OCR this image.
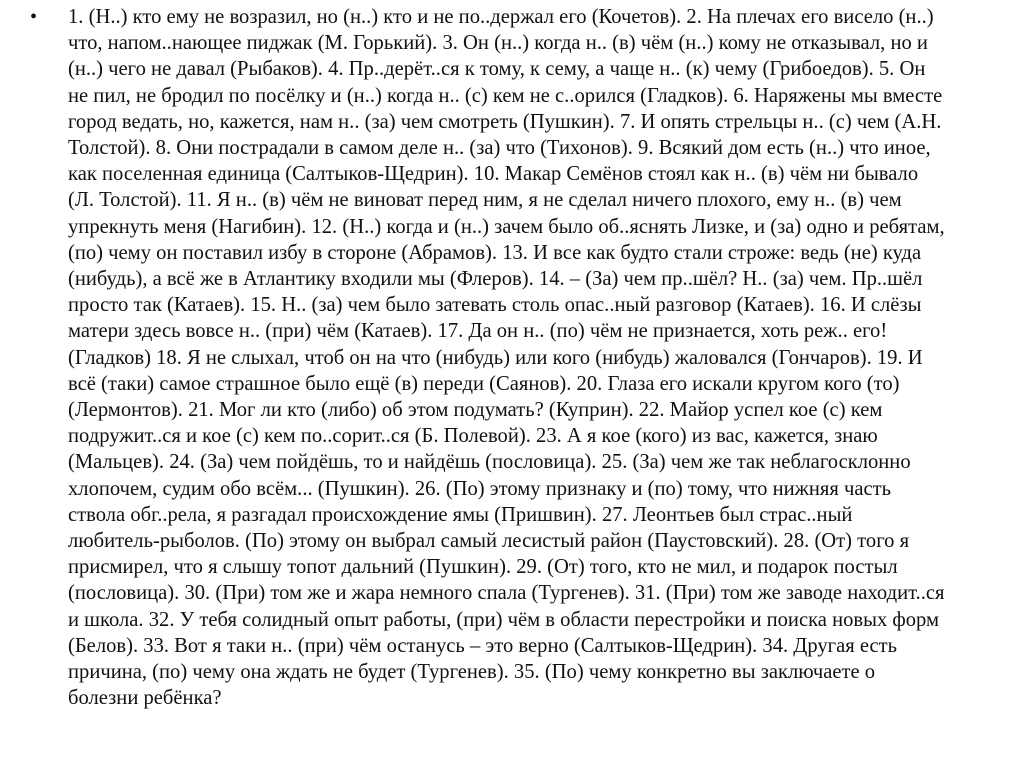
•	1. (Н..) кто ему не возразил, но (н..) кто и не по..держал его (Кочетов). 2. На плечах его висело (н..)
что, напом..нающее пиджак (М. Горький). 3. Он (н..) когда н.. (в) чём (н..) кому не отказывал, но и
(н..) чего не давал (Рыбаков). 4. Пр..дерёт..ся к тому, к сему, а чаще н.. (к) чему (Грибоедов). 5. Он
не пил, не бродил по посёлку и (н..) когда н.. (с) кем не с..орился (Гладков). 6. Наряжены мы вместе
город ведать, но, кажется, нам н.. (за) чем смотреть (Пушкин). 7. И опять стрельцы н.. (с) чем (А.Н.
Толстой). 8. Они пострадали в самом деле н.. (за) что (Тихонов). 9. Всякий дом есть (н..) что иное,
как поселенная единица (Салтыков-Щедрин). 10. Макар Семёнов стоял как н.. (в) чём ни бывало
(Л. Толстой). 11. Я н.. (в) чём не виноват перед ним, я не сделал ничего плохого, ему н.. (в) чем
упрекнуть меня (Нагибин). 12. (Н..) когда и (н..) зачем было об..яснять Лизке, и (за) одно и ребятам,
(по) чему он поставил избу в стороне (Абрамов). 13. И все как будто стали строже: ведь (не) куда
(нибудь), а всё же в Атлантику входили мы (Флеров). 14. – (За) чем пр..шёл? Н.. (за) чем. Пр..шёл
просто так (Катаев). 15. Н.. (за) чем было затевать столь опас..ный разговор (Катаев). 16. И слёзы
матери здесь вовсе н.. (при) чём (Катаев). 17. Да он н.. (по) чём не признается, хоть реж.. его!
(Гладков) 18. Я не слыхал, чтоб он на что (нибудь) или кого (нибудь) жаловался (Гончаров). 19. И
всё (таки) самое страшное было ещё (в) переди (Саянов). 20. Глаза его искали кругом кого (то)
(Лермонтов). 21. Мог ли кто (либо) об этом подумать? (Куприн). 22. Майор успел кое (с) кем
подружит..ся и кое (с) кем по..сорит..ся (Б. Полевой). 23. А я кое (кого) из вас, кажется, знаю
(Мальцев). 24. (За) чем пойдёшь, то и найдёшь (пословица). 25. (За) чем же так неблагосклонно
хлопочем, судим обо всём... (Пушкин). 26. (По) этому признаку и (по) тому, что нижняя часть
ствола обг..рела, я разгадал происхождение ямы (Пришвин). 27. Леонтьев был страс..ный
любитель-рыболов. (По) этому он выбрал самый лесистый район (Паустовский). 28. (От) того я
присмирел, что я слышу топот дальний (Пушкин). 29. (От) того, кто не мил, и подарок постыл
(пословица). 30. (При) том же и жара немного спала (Тургенев). 31. (При) том же заводе находит..ся
и школа. 32. У тебя солидный опыт работы, (при) чём в области перестройки и поиска новых форм
(Белов). 33. Вот я таки н.. (при) чём останусь – это верно (Салтыков-Щедрин). 34. Другая есть
причина, (по) чему она ждать не будет (Тургенев). 35. (По) чему конкретно вы заключаете о
болезни ребёнка?
